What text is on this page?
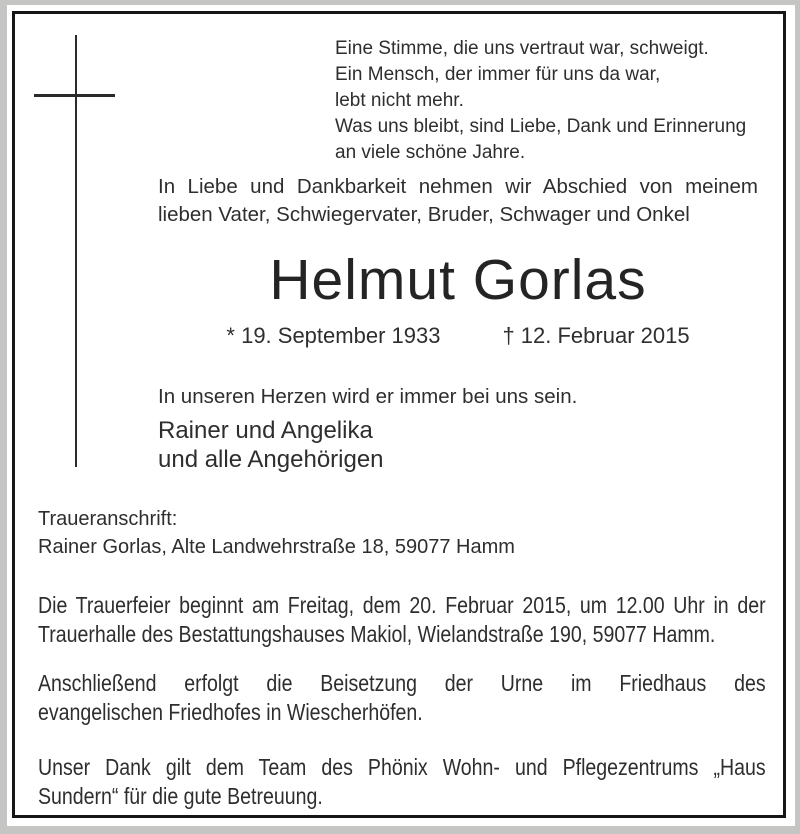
Eine Stimme, die uns vertraut war, schweigt.
Ein Mensch, der immer für uns da war,
lebt nicht mehr.
Was uns bleibt, sind Liebe, Dank und Erinnerung
an viele schöne Jahre.
In Liebe und Dankbarkeit nehmen wir Abschied von meinem
lieben Vater, Schwiegervater, Bruder, Schwager und Onkel
Helmut Gorlas
* 19. September 1933	† 12. Februar 2015
In unseren Herzen wird er immer bei uns sein.
Rainer und Angelika
und alle Angehörigen
Traueranschrift:
Rainer Gorlas, Alte Landwehrstraße 18, 59077 Hamm
Die Trauerfeier beginnt am Freitag, dem 20. Februar 2015, um 12.00 Uhr in der
Trauerhalle des Bestattungshauses Makiol, Wielandstraße 190, 59077 Hamm.
Anschließend erfolgt die Beisetzung der Urne im Friedhaus des
evangelischen Friedhofes in Wiescherhöfen.
Unser Dank gilt dem Team des Phönix Wohn- und Pflegezentrums „Haus
Sundern“ für die gute Betreuung.
